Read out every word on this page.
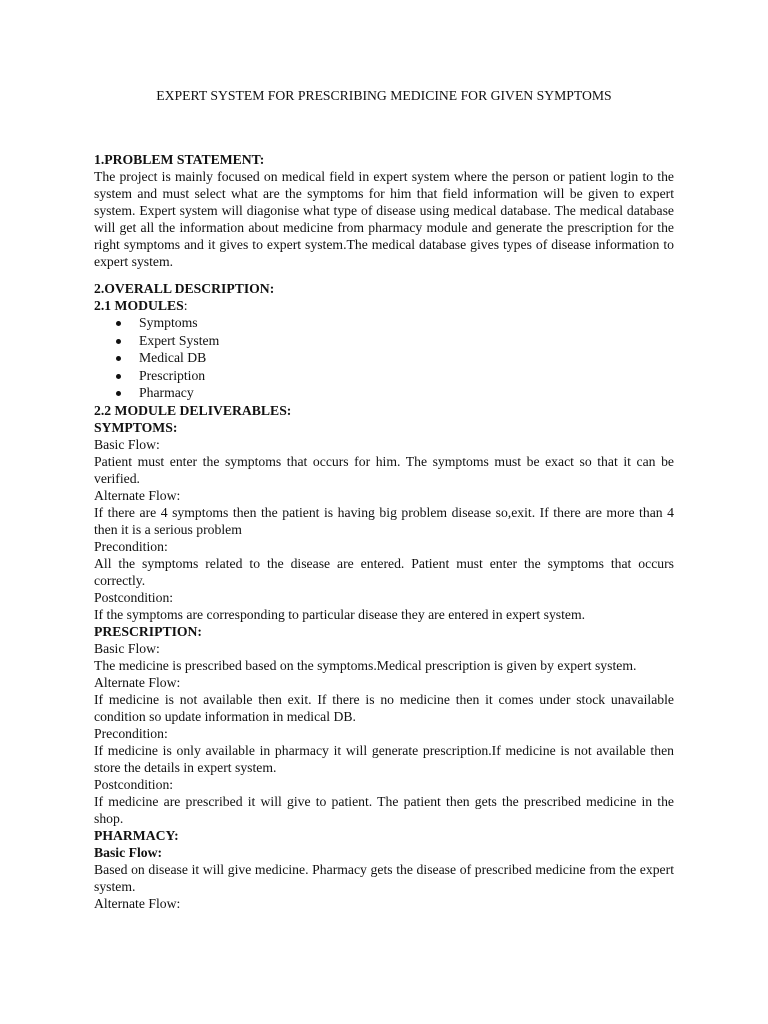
EXPERT SYSTEM FOR PRESCRIBING MEDICINE FOR GIVEN SYMPTOMS
1.PROBLEM STATEMENT:
The project is mainly focused on medical field in expert system where the person or patient login to the system and must select what are the symptoms for him that field information will be given to expert system. Expert system will diagonise what type of disease using medical database. The medical database will get all the information about medicine from pharmacy module and generate the prescription for the right symptoms and it gives to expert system.The medical database gives types of disease information to expert system.
2.OVERALL DESCRIPTION:
2.1 MODULES:
Symptoms
Expert System
Medical DB
Prescription
Pharmacy
2.2 MODULE DELIVERABLES:
SYMPTOMS:
Basic Flow:
Patient must enter the symptoms that occurs for him. The symptoms must be exact so that it can be verified.
Alternate Flow:
If there are 4 symptoms then the patient is having big problem disease so,exit. If there are more than 4 then it is a serious problem
Precondition:
All the symptoms related to the disease are entered. Patient must enter the symptoms that occurs correctly.
Postcondition:
If the symptoms are corresponding to particular disease they are entered in expert system.
PRESCRIPTION:
Basic Flow:
The medicine is prescribed based on the symptoms.Medical prescription is given by expert system.
Alternate Flow:
If medicine is not available then exit. If there is no medicine then it comes under stock unavailable condition so update information in medical DB.
Precondition:
If medicine is only available in pharmacy it will generate prescription.If medicine is not available then store the details in expert system.
Postcondition:
If medicine are prescribed it will give to patient. The patient then gets the prescribed medicine in the shop.
PHARMACY:
Basic Flow:
Based on disease it will give medicine. Pharmacy gets the disease of prescribed medicine from the expert system.
Alternate Flow:
